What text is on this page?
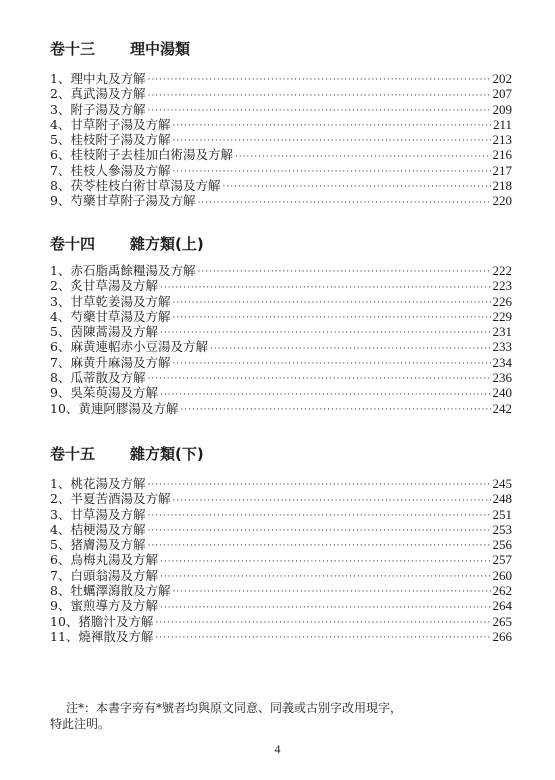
卷十三 理中湯類
1、理中丸及方解 ·····	202
2、真武湯及方解 ·····	207
3、附子湯及方解 ·····	209
4、甘草附子湯及方解 ·····	211
5、桂枝附子湯及方解 ·····	213
6、桂枝附子去桂加白術湯及方解 ·····	216
7、桂枝人參湯及方解 ·····	217
8、茯苓桂枝白術甘草湯及方解 ·····	218
9、芍藥甘草附子湯及方解 ·····	220
卷十四 雜方類(上)
1、赤石脂禹餘糧湯及方解 ·····	222
2、炙甘草湯及方解 ·····	223
3、甘草乾姜湯及方解 ·····	226
4、芍藥甘草湯及方解 ·····	229
5、茵陳蒿湯及方解 ·····	231
6、麻黄連軺赤小豆湯及方解 ·····	233
7、麻黄升麻湯及方解 ·····	234
8、瓜蒂散及方解 ·····	236
9、吳茱萸湯及方解 ·····	240
10、黄連阿膠湯及方解 ·····	242
卷十五 雜方類(下)
1、桃花湯及方解 ·····	245
2、半夏苦酒湯及方解 ·····	248
3、甘草湯及方解 ·····	251
4、桔梗湯及方解 ·····	253
5、猪膚湯及方解 ·····	256
6、烏梅丸湯及方解 ·····	257
7、白頭翁湯及方解 ·····	260
8、牡蠣澤瀉散及方解 ·····	262
9、蜜煎導方及方解 ·····	264
10、猪膽汁及方解 ·····	265
11、燒褌散及方解 ·····	266
注*：本書字旁有*號者均與原文同意、同義或古别字改用現字，
特此注明。
4
